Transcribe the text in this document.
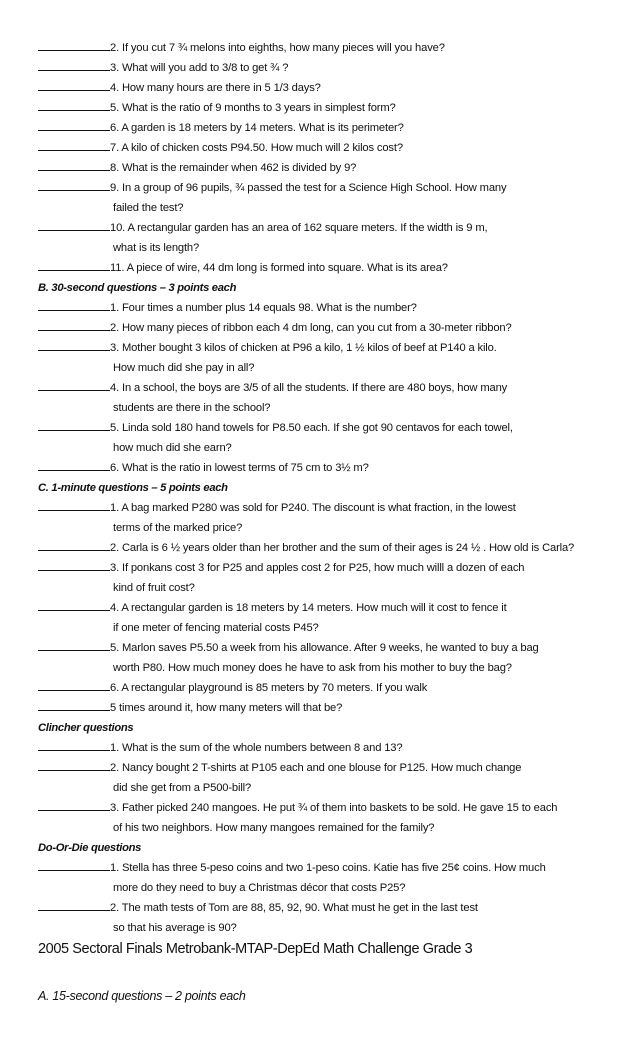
2. If you cut 7 ¾ melons into eighths, how many pieces will you have?
3. What will you add to 3/8 to get ¾ ?
4. How many hours are there in 5 1/3 days?
5. What is the ratio of 9 months to 3 years in simplest form?
6. A garden is 18 meters by 14 meters. What is its perimeter?
7. A kilo of chicken costs P94.50. How much will 2 kilos cost?
8. What is the remainder when 462 is divided by 9?
9. In a group of 96 pupils, ¾ passed the test for a Science High School. How many
failed the test?
10. A rectangular garden has an area of 162 square meters. If the width is 9 m,
what is its length?
11. A piece of wire, 44 dm long is formed into square. What is its area?
B. 30-second questions – 3 points each
1. Four times a number plus 14 equals 98. What is the number?
2. How many pieces of ribbon each 4 dm long, can you cut from a 30-meter ribbon?
3. Mother bought 3 kilos of chicken at P96 a kilo, 1 ½ kilos of beef at P140 a kilo.
How much did she pay in all?
4. In a school, the boys are 3/5 of all the students. If there are 480 boys, how many
students are there in the school?
5. Linda sold 180 hand towels for P8.50 each. If she got 90 centavos for each towel,
how much did she earn?
6. What is the ratio in lowest terms of 75 cm to 3½ m?
C. 1-minute questions – 5 points each
1. A bag marked P280 was sold for P240. The discount is what fraction, in the lowest
terms of the marked price?
2. Carla is 6 ½ years older than her brother and the sum of their ages is 24 ½ . How old is Carla?
3. If ponkans cost 3 for P25 and apples cost 2 for P25, how much willl a dozen of each
kind of fruit cost?
4. A rectangular garden is 18 meters by 14 meters. How much will it cost to fence it
if one meter of fencing material costs P45?
5. Marlon saves P5.50 a week from his allowance. After 9 weeks, he wanted to buy a bag
worth P80. How much money does he have to ask from his mother to buy the bag?
6. A rectangular playground is 85 meters by 70 meters. If you walk
5 times around it, how many meters will that be?
Clincher questions
1. What is the sum of the whole numbers between 8 and 13?
2. Nancy bought 2 T-shirts at P105 each and one blouse for P125. How much change
did she get from a P500-bill?
3. Father picked 240 mangoes. He put ¾ of them into baskets to be sold. He gave 15 to each
of his two neighbors. How many mangoes remained for the family?
Do-Or-Die questions
1. Stella has three 5-peso coins and two 1-peso coins. Katie has five 25¢ coins. How much
more do they need to buy a Christmas décor that costs P25?
2. The math tests of Tom are 88, 85, 92, 90. What must he get in the last test
so that his average is 90?
2005 Sectoral Finals Metrobank-MTAP-DepEd Math Challenge Grade 3
A. 15-second questions – 2 points each
